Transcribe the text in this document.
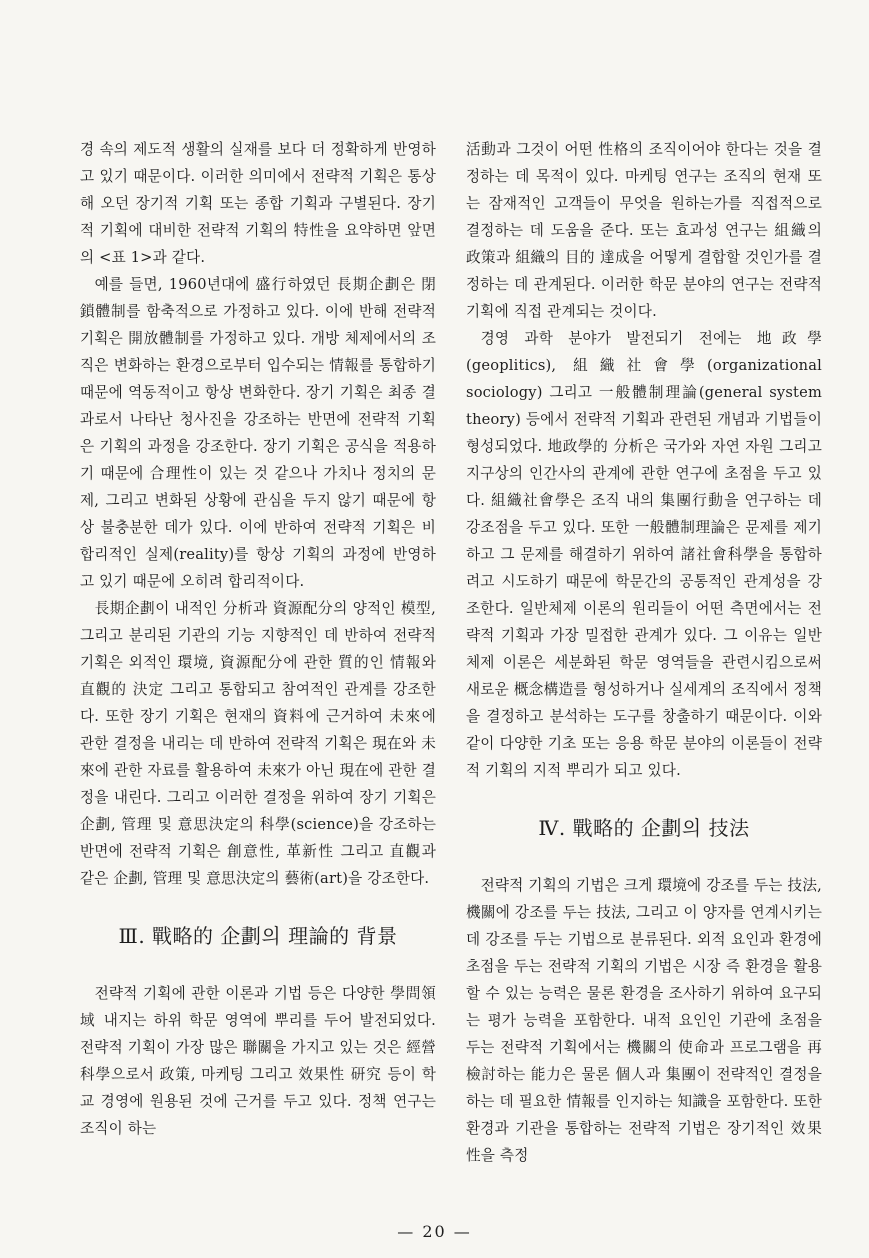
경 속의 제도적 생활의 실재를 보다 더 정확하게 반영하고 있기 때문이다. 이러한 의미에서 전략적 기획은 통상해 오던 장기적 기획 또는 종합 기획과 구별된다. 장기적 기획에 대비한 전략적 기획의 特性을 요약하면 앞면의 <표 1>과 같다.

예를 들면, 1960년대에 盛行하였던 長期企劃은 閉鎖體制를 함축적으로 가정하고 있다. 이에 반해 전략적 기획은 開放體制를 가정하고 있다. 개방 체제에서의 조직은 변화하는 환경으로부터 입수되는 情報를 통합하기 때문에 역동적이고 항상 변화한다. 장기 기획은 최종 결과로서 나타난 청사진을 강조하는 반면에 전략적 기획은 기획의 과정을 강조한다. 장기 기획은 공식을 적용하기 때문에 合理性이 있는 것 같으나 가치나 정치의 문제, 그리고 변화된 상황에 관심을 두지 않기 때문에 항상 불충분한 데가 있다. 이에 반하여 전략적 기획은 비합리적인 실제(reality)를 항상 기획의 과정에 반영하고 있기 때문에 오히려 합리적이다.

長期企劃이 내적인 分析과 資源配分의 양적인 模型, 그리고 분리된 기관의 기능 지향적인 데 반하여 전략적 기획은 외적인 環境, 資源配分에 관한 質的인 情報와 直觀的 決定 그리고 통합되고 참여적인 관계를 강조한다. 또한 장기 기획은 현재의 資料에 근거하여 未來에 관한 결정을 내리는 데 반하여 전략적 기획은 現在와 未來에 관한 자료를 활용하여 未來가 아닌 現在에 관한 결정을 내린다. 그리고 이러한 결정을 위하여 장기 기획은 企劃, 管理 및 意思決定의 科學(science)을 강조하는 반면에 전략적 기획은 創意性, 革新性 그리고 直觀과 같은 企劃, 管理 및 意思決定의 藝術(art)을 강조한다.

Ⅲ. 戰略的 企劃의 理論的 背景

전략적 기획에 관한 이론과 기법 등은 다양한 學問領域 내지는 하위 학문 영역에 뿌리를 두어 발전되었다. 전략적 기획이 가장 많은 聯關을 가지고 있는 것은 經營科學으로서 政策, 마케팅 그리고 效果性 研究 등이 학교 경영에 원용된 것에 근거를 두고 있다. 정책 연구는 조직이 하는

活動과 그것이 어떤 性格의 조직이어야 한다는 것을 결정하는 데 목적이 있다. 마케팅 연구는 조직의 현재 또는 잠재적인 고객들이 무엇을 원하는가를 직접적으로 결정하는 데 도움을 준다. 또는 효과성 연구는 組織의 政策과 組織의 目的 達成을 어떻게 결합할 것인가를 결정하는 데 관계된다. 이러한 학문 분야의 연구는 전략적 기획에 직접 관계되는 것이다.

경영 과학 분야가 발전되기 전에는 地政學(geoplitics), 組織社會學(organizational sociology) 그리고 一般體制理論(general system theory) 등에서 전략적 기획과 관련된 개념과 기법들이 형성되었다. 地政學的 分析은 국가와 자연 자원 그리고 지구상의 인간사의 관계에 관한 연구에 초점을 두고 있다. 組織社會學은 조직 내의 集團行動을 연구하는 데 강조점을 두고 있다. 또한 一般體制理論은 문제를 제기하고 그 문제를 해결하기 위하여 諸社會科學을 통합하려고 시도하기 때문에 학문간의 공통적인 관계성을 강조한다. 일반체제 이론의 원리들이 어떤 측면에서는 전략적 기획과 가장 밀접한 관계가 있다. 그 이유는 일반체제 이론은 세분화된 학문 영역들을 관련시킴으로써 새로운 概念構造를 형성하거나 실세계의 조직에서 정책을 결정하고 분석하는 도구를 창출하기 때문이다. 이와 같이 다양한 기초 또는 응용 학문 분야의 이론들이 전략적 기획의 지적 뿌리가 되고 있다.

Ⅳ. 戰略的 企劃의 技法

전략적 기획의 기법은 크게 環境에 강조를 두는 技法, 機關에 강조를 두는 技法, 그리고 이 양자를 연계시키는 데 강조를 두는 기법으로 분류된다. 외적 요인과 환경에 초점을 두는 전략적 기획의 기법은 시장 즉 환경을 활용할 수 있는 능력은 물론 환경을 조사하기 위하여 요구되는 평가 능력을 포함한다. 내적 요인인 기관에 초점을 두는 전략적 기획에서는 機關의 使命과 프로그램을 再檢討하는 能力은 물론 個人과 集團이 전략적인 결정을 하는 데 필요한 情報를 인지하는 知識을 포함한다. 또한 환경과 기관을 통합하는 전략적 기법은 장기적인 效果性을 측정

— 20 —
